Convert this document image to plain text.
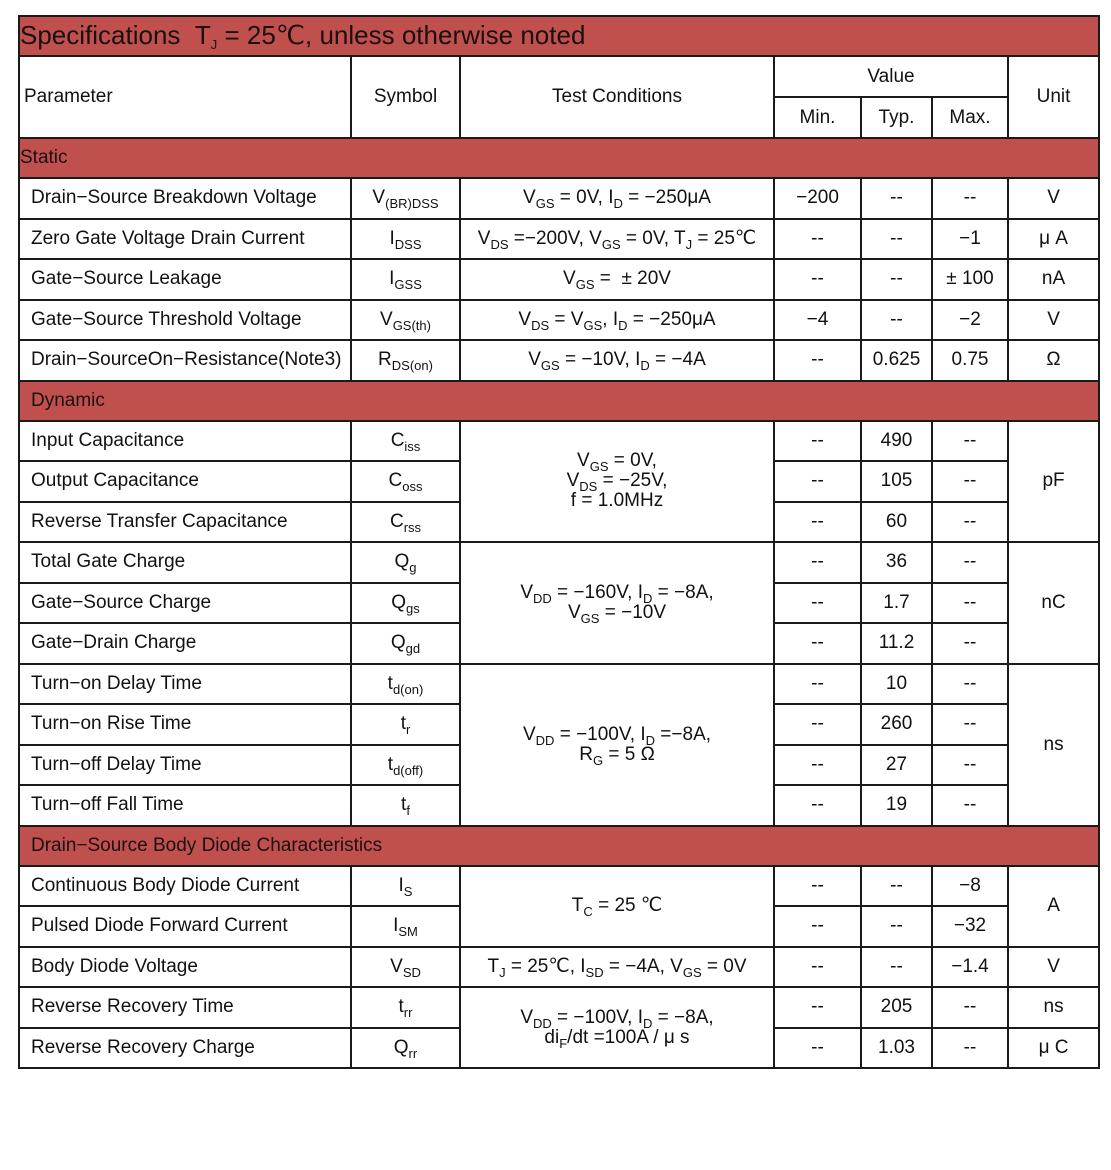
Specifications $T_J$ = 25℃, unless otherwise noted						
Parameter	Symbol	Test Conditions	Value			Unit
			Min.	Typ.	Max.	
Static						
Drain−Source Breakdown Voltage	$V_{(BR)DSS}$	$V_{GS} = 0V$, $I_D = -250\mu A$	−200	--	--	V
Zero Gate Voltage Drain Current	$I_{DSS}$	$V_{DS} =-200V$, $V_{GS} = 0V$, $T_J$ = 25℃	--	--	−1	μ A
Gate−Source Leakage	$I_{GSS}$	$V_{GS}$ =  ± 20V	--	--	± 100	nA
Gate−Source Threshold Voltage	$V_{GS(th)}$	$V_{DS} = V_{GS}$, $I_D = -250\mu A$	−4	--	−2	V
Drain−SourceOn−Resistance(Note3)	$R_{DS(on)}$	$V_{GS} = -10V$, $I_D = -4A$	--	0.625	0.75	Ω
Dynamic						
Input Capacitance	$C_{iss}$	$V_{GS} = 0V$,
$V_{DS} = -25V$,
f = 1.0MHz	--	490	--	pF
Output Capacitance	$C_{oss}$		--	105	--	
Reverse Transfer Capacitance	$C_{rss}$		--	60	--	
Total Gate Charge	$Q_g$	$V_{DD} = -160V$, $I_D = -8A$,
$V_{GS} = -10V$	--	36	--	nC
Gate−Source Charge	$Q_{gs}$		--	1.7	--	
Gate−Drain Charge	$Q_{gd}$		--	11.2	--	
Turn−on Delay Time	$t_{d(on)}$	$V_{DD} = -100V$, $I_D =-8A$,
$R_G = 5$ Ω	--	10	--	ns
Turn−on Rise Time	$t_r$		--	260	--	
Turn−off Delay Time	$t_{d(off)}$		--	27	--	
Turn−off Fall Time	$t_f$		--	19	--	
Drain−Source Body Diode Characteristics						
Continuous Body Diode Current	$I_S$	$T_C = 25$ ℃	--	--	−8	A
Pulsed Diode Forward Current	$I_{SM}$		--	--	−32	
Body Diode Voltage	$V_{SD}$	$T_J$ = 25℃, $I_{SD} = -4A$, $V_{GS} = 0V$	--	--	−1.4	V
Reverse Recovery Time	$t_{rr}$	$V_{DD} = -100V$, $I_D = -8A$,
$di_F/dt =100A / \mu$ s	--	205	--	ns
Reverse Recovery Charge	$Q_{rr}$		--	1.03	--	μ C
